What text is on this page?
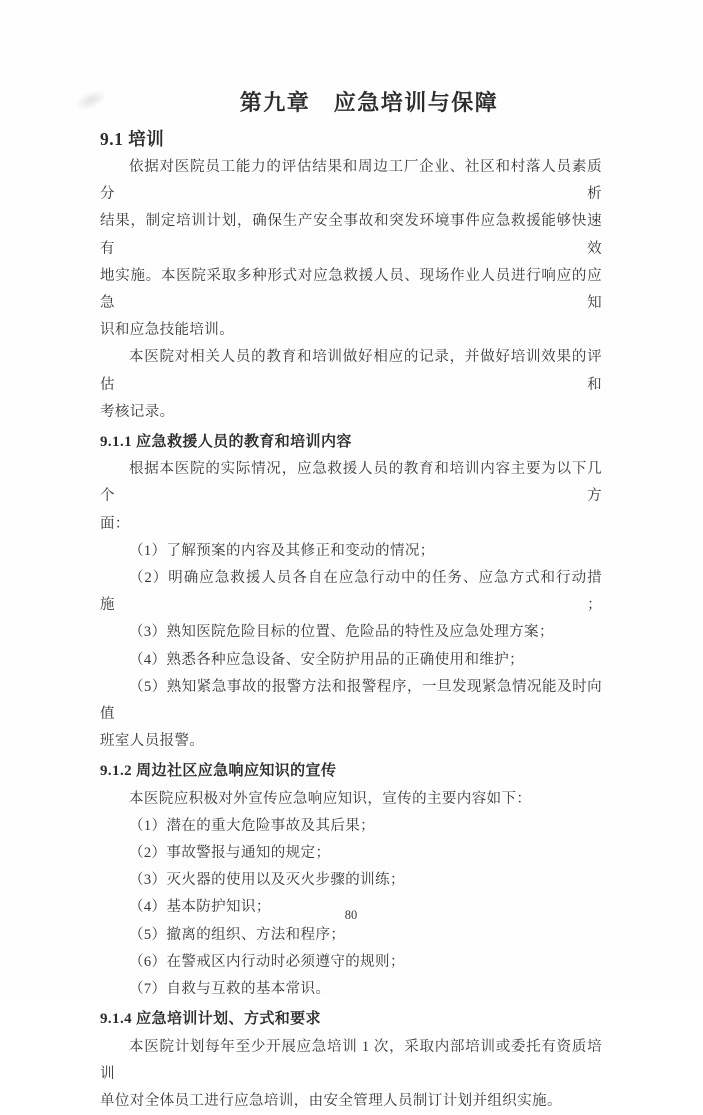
第九章　应急培训与保障
9.1 培训
依据对医院员工能力的评估结果和周边工厂企业、社区和村落人员素质分析
结果，制定培训计划，确保生产安全事故和突发环境事件应急救援能够快速有效
地实施。本医院采取多种形式对应急救援人员、现场作业人员进行响应的应急知
识和应急技能培训。
本医院对相关人员的教育和培训做好相应的记录，并做好培训效果的评估和
考核记录。
9.1.1 应急救援人员的教育和培训内容
根据本医院的实际情况，应急救援人员的教育和培训内容主要为以下几个方
面：
（1）了解预案的内容及其修正和变动的情况；
（2）明确应急救援人员各自在应急行动中的任务、应急方式和行动措施；
（3）熟知医院危险目标的位置、危险品的特性及应急处理方案；
（4）熟悉各种应急设备、安全防护用品的正确使用和维护；
（5）熟知紧急事故的报警方法和报警程序，一旦发现紧急情况能及时向值
班室人员报警。
9.1.2 周边社区应急响应知识的宣传
本医院应积极对外宣传应急响应知识，宣传的主要内容如下：
（1）潜在的重大危险事故及其后果；
（2）事故警报与通知的规定；
（3）灭火器的使用以及灭火步骤的训练；
（4）基本防护知识；
（5）撤离的组织、方法和程序；
（6）在警戒区内行动时必须遵守的规则；
（7）自救与互救的基本常识。
9.1.4 应急培训计划、方式和要求
本医院计划每年至少开展应急培训 1 次，采取内部培训或委托有资质培训
单位对全体员工进行应急培训，由安全管理人员制订计划并组织实施。
80
